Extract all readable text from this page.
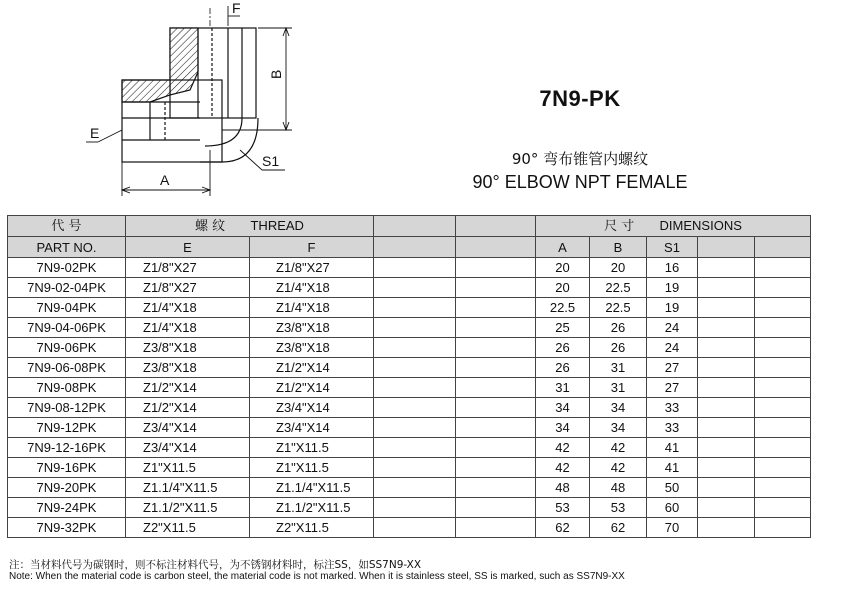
F
B
E
A
S1
7N9-PK
90° 弯布锥管内螺纹
90° ELBOW NPT FEMALE
代 号	螺 纹 THREAD				尺 寸 DIMENSIONS				
PART NO.	E	F			A	B	S1		
7N9-02PK	Z1/8"X27	Z1/8"X27			20	20	16		
7N9-02-04PK	Z1/8"X27	Z1/4"X18			20	22.5	19		
7N9-04PK	Z1/4"X18	Z1/4"X18			22.5	22.5	19		
7N9-04-06PK	Z1/4"X18	Z3/8"X18			25	26	24		
7N9-06PK	Z3/8"X18	Z3/8"X18			26	26	24		
7N9-06-08PK	Z3/8"X18	Z1/2"X14			26	31	27		
7N9-08PK	Z1/2"X14	Z1/2"X14			31	31	27		
7N9-08-12PK	Z1/2"X14	Z3/4"X14			34	34	33		
7N9-12PK	Z3/4"X14	Z3/4"X14			34	34	33		
7N9-12-16PK	Z3/4"X14	Z1"X11.5			42	42	41		
7N9-16PK	Z1"X11.5	Z1"X11.5			42	42	41		
7N9-20PK	Z1.1/4"X11.5	Z1.1/4"X11.5			48	48	50		
7N9-24PK	Z1.1/2"X11.5	Z1.1/2"X11.5			53	53	60		
7N9-32PK	Z2"X11.5	Z2"X11.5			62	62	70		
注：当材料代号为碳钢时，则不标注材料代号，为不锈钢材料时，标注SS，如SS7N9-XX
Note: When the material code is carbon steel, the material code is not marked. When it is stainless steel, SS is marked, such as SS7N9-XX
